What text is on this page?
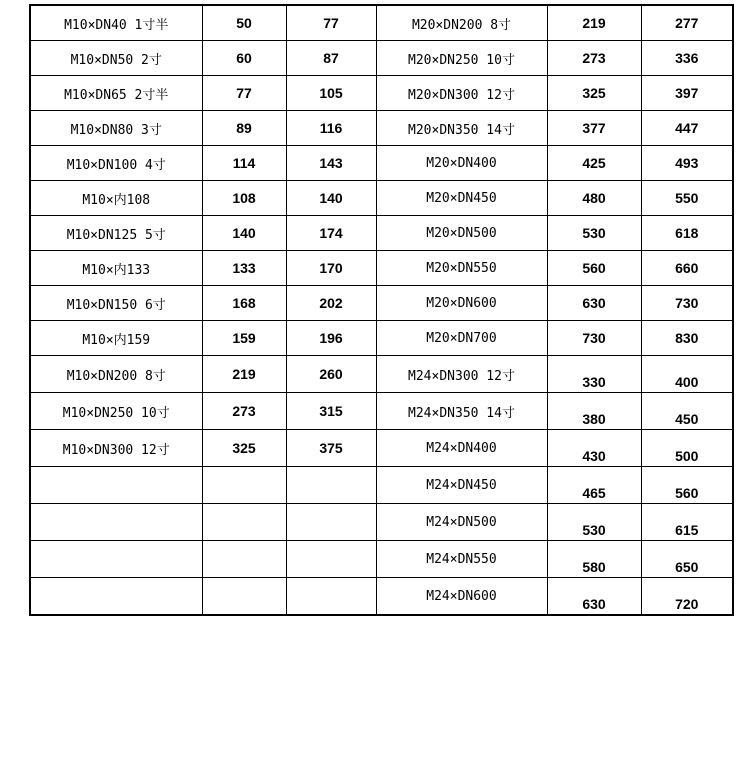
M10×DN40 1寸半	50	77	M20×DN200 8寸	219	277
M10×DN50 2寸	60	87	M20×DN250 10寸	273	336
M10×DN65 2寸半	77	105	M20×DN300 12寸	325	397
M10×DN80 3寸	89	116	M20×DN350 14寸	377	447
M10×DN100 4寸	114	143	M20×DN400	425	493
M10×内108	108	140	M20×DN450	480	550
M10×DN125 5寸	140	174	M20×DN500	530	618
M10×内133	133	170	M20×DN550	560	660
M10×DN150 6寸	168	202	M20×DN600	630	730
M10×内159	159	196	M20×DN700	730	830
M10×DN200 8寸	219	260	M24×DN300 12寸	330	400
M10×DN250 10寸	273	315	M24×DN350 14寸	380	450
M10×DN300 12寸	325	375	M24×DN400	430	500
			M24×DN450	465	560
			M24×DN500	530	615
			M24×DN550	580	650
			M24×DN600	630	720
